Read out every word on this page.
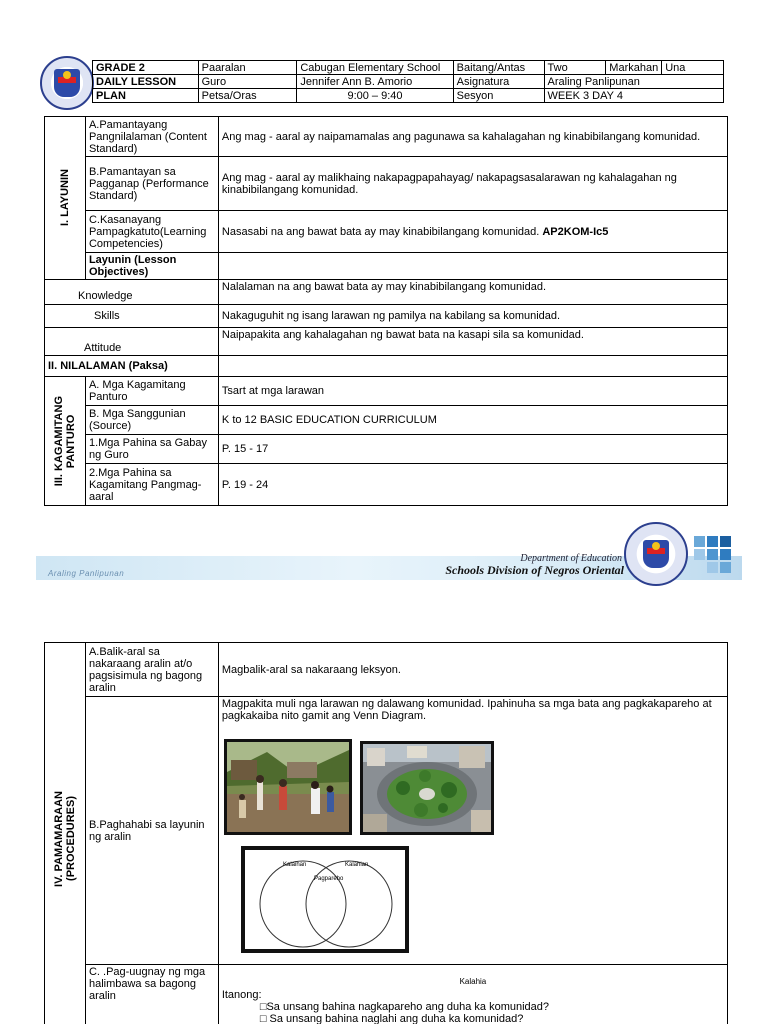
GRADE 2	Paaralan	Cabugan Elementary School	Baitang/Antas	Two	Markahan	Una
DAILY LESSON	Guro	Jennifer Ann B. Amorio	Asignatura	Araling Panlipunan		
PLAN	Petsa/Oras	9:00 – 9:40	Sesyon	WEEK 3 DAY 4		
I. LAYUNIN	A.Pamantayang Pangnilalaman (Content Standard)	Ang mag - aaral ay naipamamalas ang pagunawa sa kahalagahan ng kinabibilangang komunidad.
	B.Pamantayan sa Pagganap (Performance Standard)	Ang mag - aaral ay malikhaing nakapagpapahayag/ nakapagsasalarawan ng kahalagahan ng kinabibilangang komunidad.
	C.Kasanayang Pampagkatuto(Learning Competencies)	Nasasabi na ang bawat bata ay may kinabibilangang komunidad. AP2KOM-Ic5
	Layunin (Lesson Objectives)	
Knowledge		Nalalaman na ang bawat bata ay may kinabibilangang komunidad.
Skills		Nakaguguhit ng isang larawan ng pamilya na kabilang sa komunidad.
Attitude		Naipapakita ang kahalagahan ng bawat bata na kasapi sila sa komunidad.
II. NILALAMAN (Paksa)		

III. KAGAMITANG
PANTURO	A. Mga Kagamitang Panturo	Tsart at mga larawan
	B. Mga Sanggunian (Source)	K to 12 BASIC EDUCATION CURRICULUM
	1.Mga Pahina sa Gabay ng Guro	P. 15 - 17
	2.Mga Pahina sa Kagamitang Pangmag-aaral	P. 19 - 24
Araling Panlipunan
Department of Education
Schools Division of Negros Oriental
IV. PAMAMARAAN
(PROCEDURES)	A.Balik-aral sa nakaraang aralin at/o pagsisimula ng bagong aralin	Magbalik-aral sa nakaraang leksyon.
	B.Paghahabi sa layunin ng aralin	Magpakita muli nga larawan ng dalawang komunidad. Ipahinuha sa mga bata ang pagkakapareho at pagkakaiba nito gamit ang Venn Diagram.

	C. .Pag-uugnay ng mga halimbawa sa bagong aralin	Kalahia
Itanong:
□Sa unsang bahina nagkapareho ang duha ka komunidad?
□ Sa unsang bahina naglahi ang duha ka komunidad?
Kalaihan
Pagpareho
Kalahian
